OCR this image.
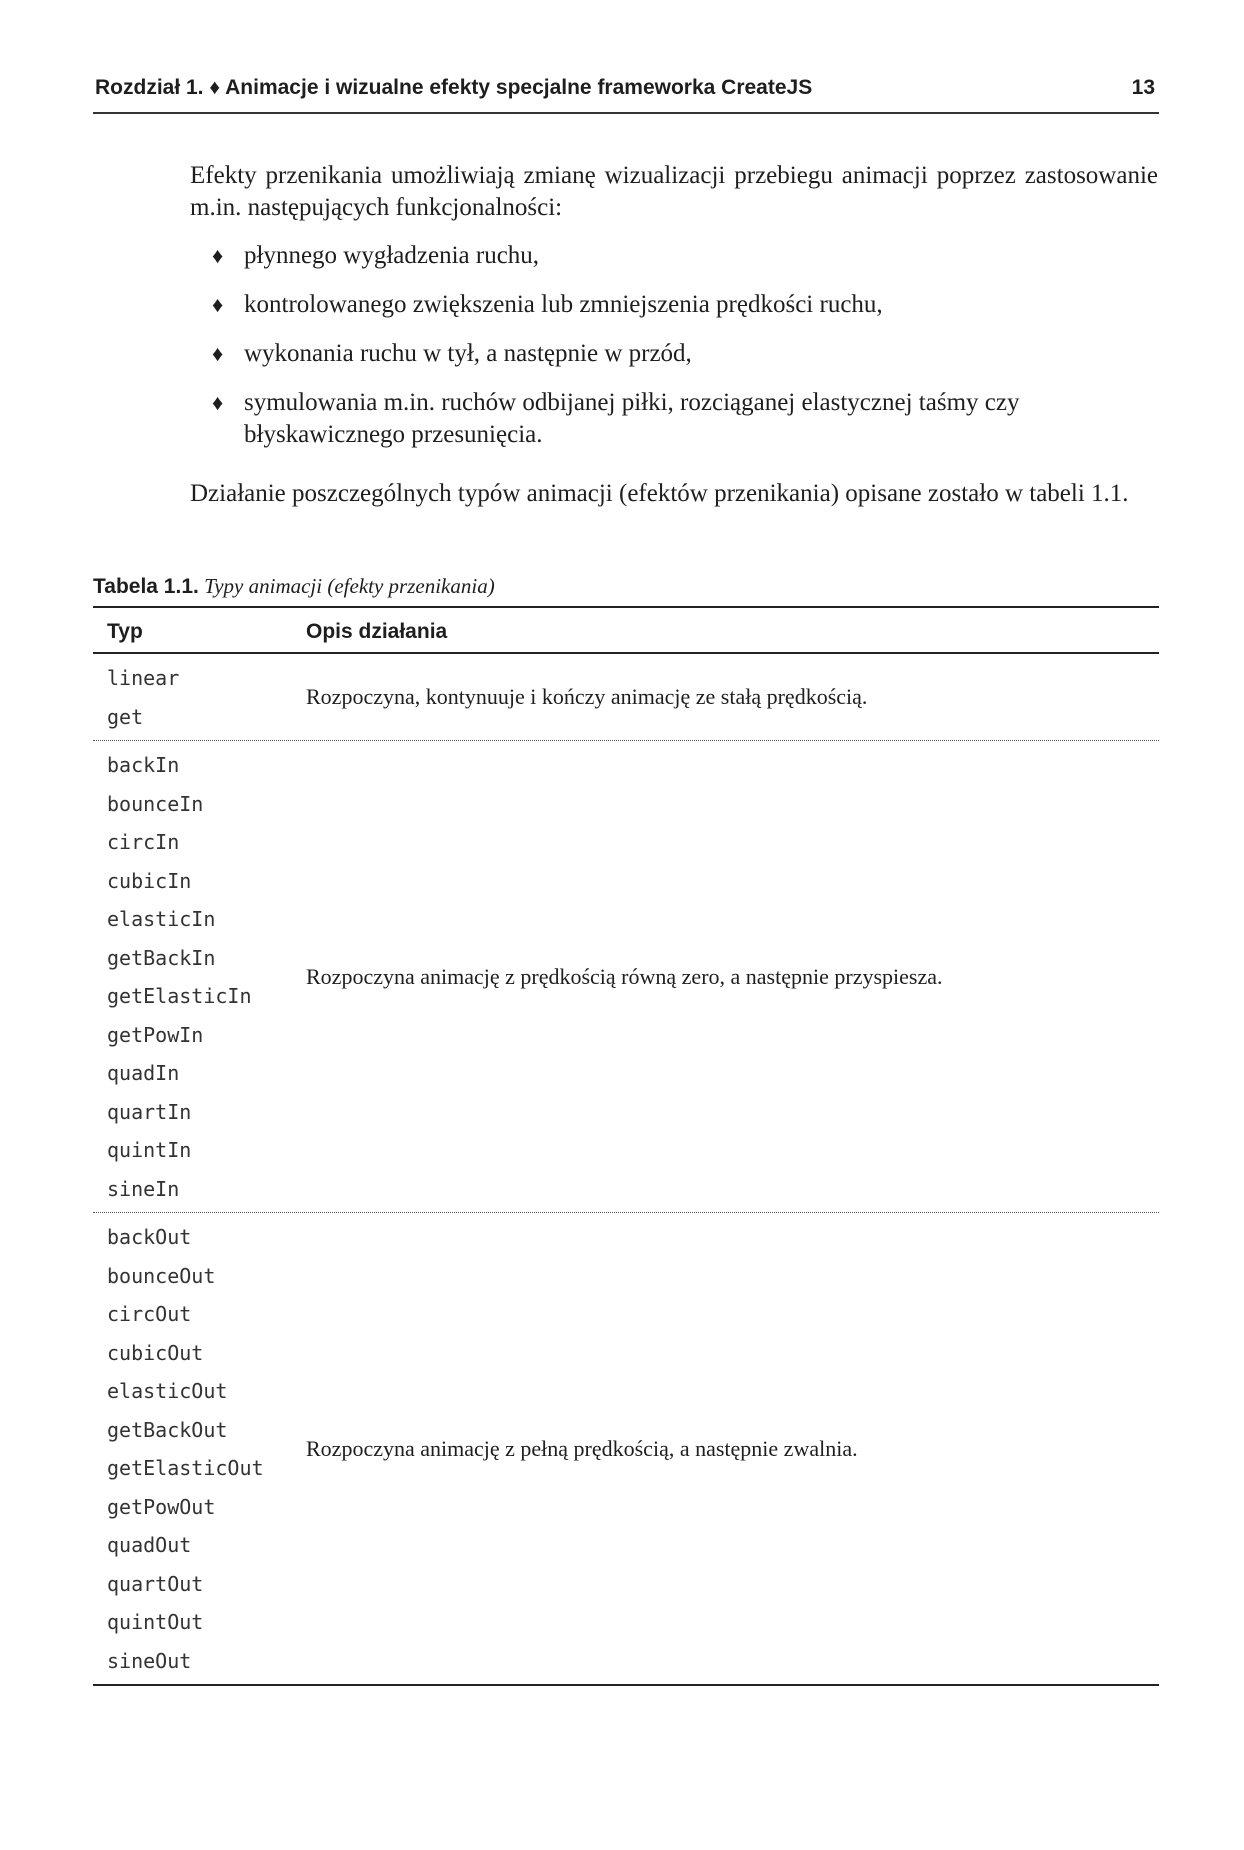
Rozdział 1. ♦ Animacje i wizualne efekty specjalne frameworka CreateJS	13

Efekty przenikania umożliwiają zmianę wizualizacji przebiegu animacji poprzez zastosowanie m.in. następujących funkcjonalności:

♦ płynnego wygładzenia ruchu,
♦ kontrolowanego zwiększenia lub zmniejszenia prędkości ruchu,
♦ wykonania ruchu w tył, a następnie w przód,
♦ symulowania m.in. ruchów odbijanej piłki, rozciąganej elastycznej taśmy czy błyskawicznego przesunięcia.

Działanie poszczególnych typów animacji (efektów przenikania) opisane zostało w tabeli 1.1.

Tabela 1.1. Typy animacji (efekty przenikania)
Typ	Opis działania
linear
get
Rozpoczyna, kontynuuje i kończy animację ze stałą prędkością.
backIn
bounceIn
circIn
cubicIn
elasticIn
getBackIn
getElasticIn
getPowIn
quadIn
quartIn
quintIn
sineIn
Rozpoczyna animację z prędkością równą zero, a następnie przyspiesza.
backOut
bounceOut
circOut
cubicOut
elasticOut
getBackOut
getElasticOut
getPowOut
quadOut
quartOut
quintOut
sineOut
Rozpoczyna animację z pełną prędkością, a następnie zwalnia.
